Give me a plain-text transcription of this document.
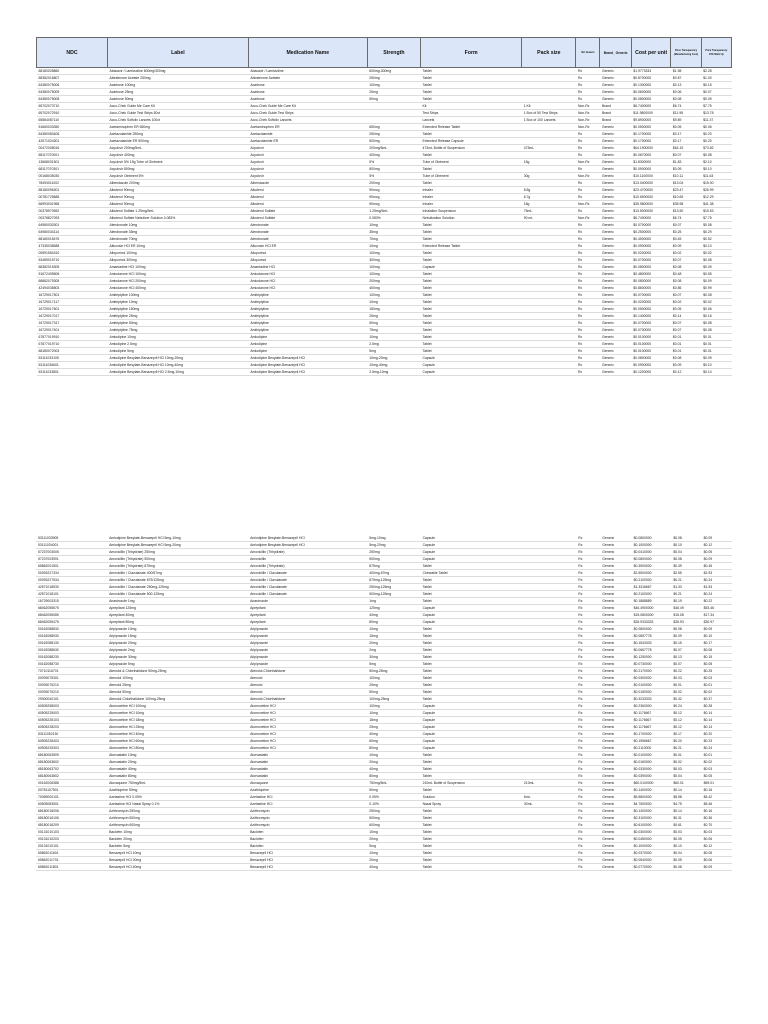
NDC	Label	Medication Name	Strength	Form	Pack size	Rx/ Generic	Brand_ Generic	Cost per unit	Price Transparency (Manufacturing Cost)	Price Transparency 15% Mark Up
68180028860	Abacavir / Lamivudine 600mg/300mg	Abacavir / Lamivudine	600mg-300mg	Tablet		Rx	Generic	$1.9773333	$1.98	$2.28
68382016807	Abiraterone Acetate 250mg	Abiraterone Acetate	250mg	Tablet		Rx	Generic	$0.8700000	$0.87	$1.00
64380075006	Acarbose 100mg	Acarbose	100mg	Tablet		Rx	Generic	$0.1300000	$0.13	$0.15
64380075009	Acarbose 25mg	Acarbose	25mg	Tablet		Rx	Generic	$0.0600000	$0.06	$0.07
64380075008	Acarbose 50mg	Acarbose	50mg	Tablet		Rx	Generic	$0.0800000	$0.08	$0.09
65702073710	Accu-Chek Guide Me Care Kit	Accu-Chek Guide Me Care Kit		Kit	1 Kit	Non-Rx	Brand	$6.7400000	$6.74	$7.75
65702072910	Accu-Chek Guide Test Strips 50ct	Accu-Chek Guide Test Strips		Test Strips	1 Box of 50 Test Strips	Non-Rx	Brand	$11.9800000	$11.98	$13.78
65584087110	Accu-Chek Softclix Lancets 100ct	Accu-Chek Softclix Lancets		Lancets	1 Box of 100 Lancets	Non-Rx	Brand	$9.8900000	$9.89	$11.37
51660033350	Acetaminophen ER 650mg	Acetaminophen ER	650mg	Extended Release Tablet		Non-Rx	Generic	$0.0500000	$0.05	$0.06
64380083406	Acetazolamide 250mg	Acetazolamide	250mg	Tablet		Rx	Generic	$0.1700000	$0.17	$0.20
42571024301	Acetazolamide ER 500mg	Acetazolamide ER	500mg	Extended Release Capsule		Rx	Generic	$0.1700000	$0.17	$0.20
00472008016	Acyclovir 200mg/5mL	Acyclovir	200mg/5mL	473mL Bottle of Suspension	473mL	Rx	Generic	$64.1900000	$64.19	$73.82
68117070001	Acyclovir 400mg	Acyclovir	400mg	Tablet		Rx	Generic	$0.0670000	$0.07	$0.08
13668001501	Acyclovir 5% 15g Tube of Ointment	Acyclovir	5%	Tube of Ointment	15g	Non-Rx	Generic	$1.8300000	$1.83	$2.10
68117070301	Acyclovir 800mg	Acyclovir	800mg	Tablet		Rx	Generic	$0.0900000	$0.09	$0.10
00168035030	Acyclovir Ointment 5%	Acyclovir	5%	Tube of Ointment	30g	Non-Rx	Generic	$10.1100000	$10.11	$11.63
78493011002	Albendazole 200mg	Albendazole	200mg	Tablet		Rx	Generic	$13.0400000	$13.04	$15.00
68180096301	Albuterol 90mcg	Albuterol	90mcg	Inhaler	8.5g	Rx	Generic	$23.4700000	$23.47	$26.99
00781729685	Albuterol 90mcg	Albuterol	90mcg	Inhaler	6.7g	Rx	Generic	$10.6900000	$10.69	$12.29
66993001968	Albuterol 90mcg	Albuterol	90mcg	Inhaler	18g	Non-Rx	Generic	$35.9800000	$35.98	$41.38
00378970552	Albuterol Sulfate 1.25mg/3mL	Albuterol Sulfate	1.25mg/3mL	Inhalation Suspension	75mL	Rx	Generic	$13.5000000	$13.50	$15.53
00378827093	Albuterol Sulfate Nebulizer Solution 0.083%	Albuterol Sulfate	0.083%	Nebulization Solution	90 mL	Non-Rx	Generic	$6.7400000	$6.74	$7.75
64980030301	Alendronate 10mg	Alendronate	10mg	Tablet		Rx	Generic	$0.0700000	$0.07	$0.08
64980034114	Alendronate 35mg	Alendronate	35mg	Tablet		Rx	Generic	$0.2500000	$0.25	$0.29
68180015476	Alendronate 70mg	Alendronate	70mg	Tablet		Rx	Generic	$0.4500000	$0.45	$0.52
47335038588	Alfuzosin HCl ER 10mg	Alfuzosin HCl ER	10mg	Extended Release Tablet		Rx	Generic	$0.0900000	$0.09	$0.10
00591554310	Allopurinol 100mg	Allopurinol	100mg	Tablet		Rx	Generic	$0.0200000	$0.02	$0.02
53489015710	Allopurinol 300mg	Allopurinol	300mg	Tablet		Rx	Generic	$0.0700000	$0.07	$0.08
68382015305	Amantadine HCl 100mg	Amantadine HCl	100mg	Capsule		Rx	Generic	$0.0800000	$0.08	$0.09
51672405506	Amiodarone HCl 100mg	Amiodarone HCl	100mg	Tablet		Rx	Generic	$0.4800000	$0.48	$0.55
68682075305	Amiodarone HCl 200mg	Amiodarone HCl	200mg	Tablet		Rx	Generic	$0.0800000	$0.08	$0.09
42494035803	Amiodarone HCl 400mg	Amiodarone HCl	400mg	Tablet		Rx	Generic	$0.8600000	$0.86	$0.99
16729017501	Amitriptyline 100mg	Amitriptyline	100mg	Tablet		Rx	Generic	$0.0700000	$0.07	$0.08
16729017117	Amitriptyline 10mg	Amitriptyline	10mg	Tablet		Rx	Generic	$0.0200000	$0.02	$0.02
16729017601	Amitriptyline 150mg	Amitriptyline	150mg	Tablet		Rx	Generic	$0.0500000	$0.05	$0.06
16729017017	Amitriptyline 25mg	Amitriptyline	25mg	Tablet		Rx	Generic	$0.1400000	$0.14	$0.16
16729017317	Amitriptyline 50mg	Amitriptyline	50mg	Tablet		Rx	Generic	$0.0700000	$0.07	$0.08
16729017401	Amitriptyline 75mg	Amitriptyline	75mg	Tablet		Rx	Generic	$0.0700000	$0.07	$0.08
67877019910	Amlodipine 10mg	Amlodipine	10mg	Tablet		Rx	Generic	$0.0100000	$0.01	$0.01
67877019710	Amlodipine 2.5mg	Amlodipine	2.5mg	Tablet		Rx	Generic	$0.0100000	$0.01	$0.01
68180072003	Amlodipine 5mg	Amlodipine	5mg	Tablet		Rx	Generic	$0.0100000	$0.01	$0.01
53111033105	Amlodipine Besylate-Benazepril HCl 10mg-20mg	Amlodipine Besylate-Benazepril HCl	10mg-20mg	Capsule		Rx	Generic	$0.0800000	$0.08	$0.09
53111036601	Amlodipine Besylate-Benazepril HCl 10mg-40mg	Amlodipine Besylate-Benazepril HCl	10mg-40mg	Capsule		Rx	Generic	$0.0900000	$0.09	$0.10
53111033801	Amlodipine Besylate-Benazepril HCl 2.5mg-10mg	Amlodipine Besylate-Benazepril HCl	2.5mg-10mg	Capsule		Rx	Generic	$0.1200000	$0.12	$0.14
53111033905	Amlodipine Besylate-Benazepril HCl 5mg-10mg	Amlodipine Besylate-Benazepril HCl	5mg-10mg	Capsule		Rx	Generic	$0.0800000	$0.08	$0.09
53111034001	Amlodipine Besylate-Benazepril HCl 5mg-20mg	Amlodipine Besylate-Benazepril HCl	5mg-20mg	Capsule		Rx	Generic	$0.1000000	$0.10	$0.12
57237003005	Amoxicillin (Trihydrate) 250mg	Amoxicillin (Trihydrate)	250mg	Capsule		Rx	Generic	$0.0410000	$0.04	$0.05
57237003901	Amoxicillin (Trihydrate) 500mg	Amoxicillin	500mg	Capsule		Rx	Generic	$0.0800000	$0.08	$0.09
65862001501	Amoxicillin (Trihydrate) 875mg	Amoxicillin (Trihydrate)	875mg	Tablet		Rx	Generic	$0.3900000	$0.39	$0.45
00093227334	Amoxicillin / Clavulanate 400/57mg	Amoxicillin / Clavulanate	400mg-57mg	Chewable Tablet		Rx	Generic	$2.5500000	$2.55	$2.93
00093227534	Amoxicillin / Clavulanate 875/125mg	Amoxicillin / Clavulanate	875mg-125mg	Tablet		Rx	Generic	$0.2100000	$0.21	$0.24
42571018530	Amoxicillin / Clavulanate 250mg-125mg	Amoxicillin / Clavulanate	250mg-125mg	Tablet		Rx	Generic	$1.3316667	$1.33	$1.53
42571018101	Amoxicillin / Clavulanate 500-125mg	Amoxicillin / Clavulanate	500mg-125mg	Tablet		Rx	Generic	$0.2100000	$0.21	$0.24
16729003315	Anastrozole 1mg	Anastrozole	1mg	Tablet		Rx	Generic	$0.1888889	$0.19	$0.22
68462055675	Aprepitant 125mg	Aprepitant	125mg	Capsule		Rx	Generic	$46.4900000	$46.49	$53.46
68462055085	Aprepitant 40mg	Aprepitant	40mg	Capsule		Rx	Generic	$15.0800000	$15.08	$17.34
68462055475	Aprepitant 80mg	Aprepitant	80mg	Capsule		Rx	Generic	$26.9333333	$26.93	$30.97
00162088830	Aripiprazole 10mg	Aripiprazole	10mg	Tablet		Rx	Generic	$0.0800000	$0.08	$0.09
00162088930	Aripiprazole 15mg	Aripiprazole	15mg	Tablet		Rx	Generic	$0.0857778	$0.09	$0.10
00162088130	Aripiprazole 20mg	Aripiprazole	20mg	Tablet		Rx	Generic	$0.1543333	$0.15	$0.17
00162088630	Aripiprazole 2mg	Aripiprazole	2mg	Tablet		Rx	Generic	$0.0667778	$0.07	$0.08
00162088230	Aripiprazole 30mg	Aripiprazole	30mg	Tablet		Rx	Generic	$0.1250000	$0.13	$0.15
00162088730	Aripiprazole 5mg	Aripiprazole	5mg	Tablet		Rx	Generic	$0.0730000	$0.07	$0.08
70710116701	Atenolol & Chlorthalidone 50mg-25mg	Atenolol-Chlorthalidone	50mg-25mg	Tablet		Rx	Generic	$0.2170000	$0.22	$0.25
00093075301	Atenolol 100mg	Atenolol	100mg	Tablet		Rx	Generic	$0.0300000	$0.03	$0.03
00093075210	Atenolol 25mg	Atenolol	25mg	Tablet		Rx	Generic	$0.0100000	$0.01	$0.01
00093075210	Atenolol 50mg	Atenolol	50mg	Tablet		Rx	Generic	$0.0150000	$0.02	$0.02
29300040101	Atenolol-Chlorthalidone 100mg-25mg	Atenolol-Chlorthalidone	100mg-25mg	Tablet		Rx	Generic	$0.3233333	$0.32	$0.37
60505258003	Atomoxetine HCl 100mg	Atomoxetine HCl	100mg	Capsule		Rx	Generic	$0.2360000	$0.24	$0.28
60505225003	Atomoxetine HCl 10mg	Atomoxetine HCl	10mg	Capsule		Rx	Generic	$0.1176667	$0.12	$0.14
60505228103	Atomoxetine HCl 18mg	Atomoxetine HCl	18mg	Capsule		Rx	Generic	$0.1176667	$0.12	$0.14
60505228203	Atomoxetine HCl 25mg	Atomoxetine HCl	25mg	Capsule		Rx	Generic	$0.1176667	$0.12	$0.14
53111052130	Atomoxetine HCl 40mg	Atomoxetine HCl	40mg	Capsule		Rx	Generic	$0.1700000	$0.17	$0.20
60505228403	Atomoxetine HCl 60mg	Atomoxetine HCl	60mg	Capsule		Rx	Generic	$0.1956667	$0.20	$0.23
60505225303	Atomoxetine HCl 80mg	Atomoxetine HCl	80mg	Capsule		Rx	Generic	$0.2110000	$0.21	$0.24
68180063509	Atorvastatin 10mg	Atorvastatin	10mg	Tablet		Rx	Generic	$0.0100000	$0.01	$0.01
68180063602	Atorvastatin 20mg	Atorvastatin	20mg	Tablet		Rx	Generic	$0.0160000	$0.02	$0.02
68180063702	Atorvastatin 40mg	Atorvastatin	40mg	Tablet		Rx	Generic	$0.0330000	$0.03	$0.03
68180063802	Atorvastatin 80mg	Atorvastatin	80mg	Tablet		Rx	Generic	$0.0390000	$0.04	$0.05
00162006388	Atovaquone 750mg/5mL	Atovaquone	750mg/5mL	210mL Bottle of Suspension	210mL	Rx	Generic	$60.0100000	$60.01	$69.01
00781107501	Azathioprine 50mg	Azathioprine	50mg	Tablet		Rx	Generic	$0.1400000	$0.14	$0.16
70069000101	Azelastine HCl 0.05%	Azelastine HCl	0.05%	Solution	6mL	Rx	Generic	$5.5800000	$5.58	$6.42
60505083501	Azelastine HCl Nasal Spray 0.1%	Azelastine HCl	0.10%	Nasal Spray	30mL	Rx	Generic	$4.7500000	$4.75	$5.46
68180016006	Azithromycin 250mg	Azithromycin	250mg	Tablet		Rx	Generic	$0.1400000	$0.14	$0.16
68180016106	Azithromycin 500mg	Azithromycin	500mg	Tablet		Rx	Generic	$0.3100000	$0.31	$0.36
68180016209	Azithromycin 600mg	Azithromycin	600mg	Tablet		Rx	Generic	$0.6100000	$0.61	$0.70
00131010103	Baclofen 10mg	Baclofen	10mg	Tablet		Rx	Generic	$0.0300000	$0.03	$0.03
00131010203	Baclofen 20mg	Baclofen	20mg	Tablet		Rx	Generic	$0.0450000	$0.05	$0.06
00131010101	Baclofen 5mg	Baclofen	5mg	Tablet		Rx	Generic	$0.1000000	$0.10	$0.12
65862011601	Benazepril HCl 10mg	Benazepril HCl	10mg	Tablet		Rx	Generic	$0.0370000	$0.04	$0.05
65862011701	Benazepril HCl 20mg	Benazepril HCl	20mg	Tablet		Rx	Generic	$0.0540000	$0.05	$0.06
65862011801	Benazepril HCl 40mg	Benazepril HCl	40mg	Tablet		Rx	Generic	$0.0770000	$0.08	$0.09
